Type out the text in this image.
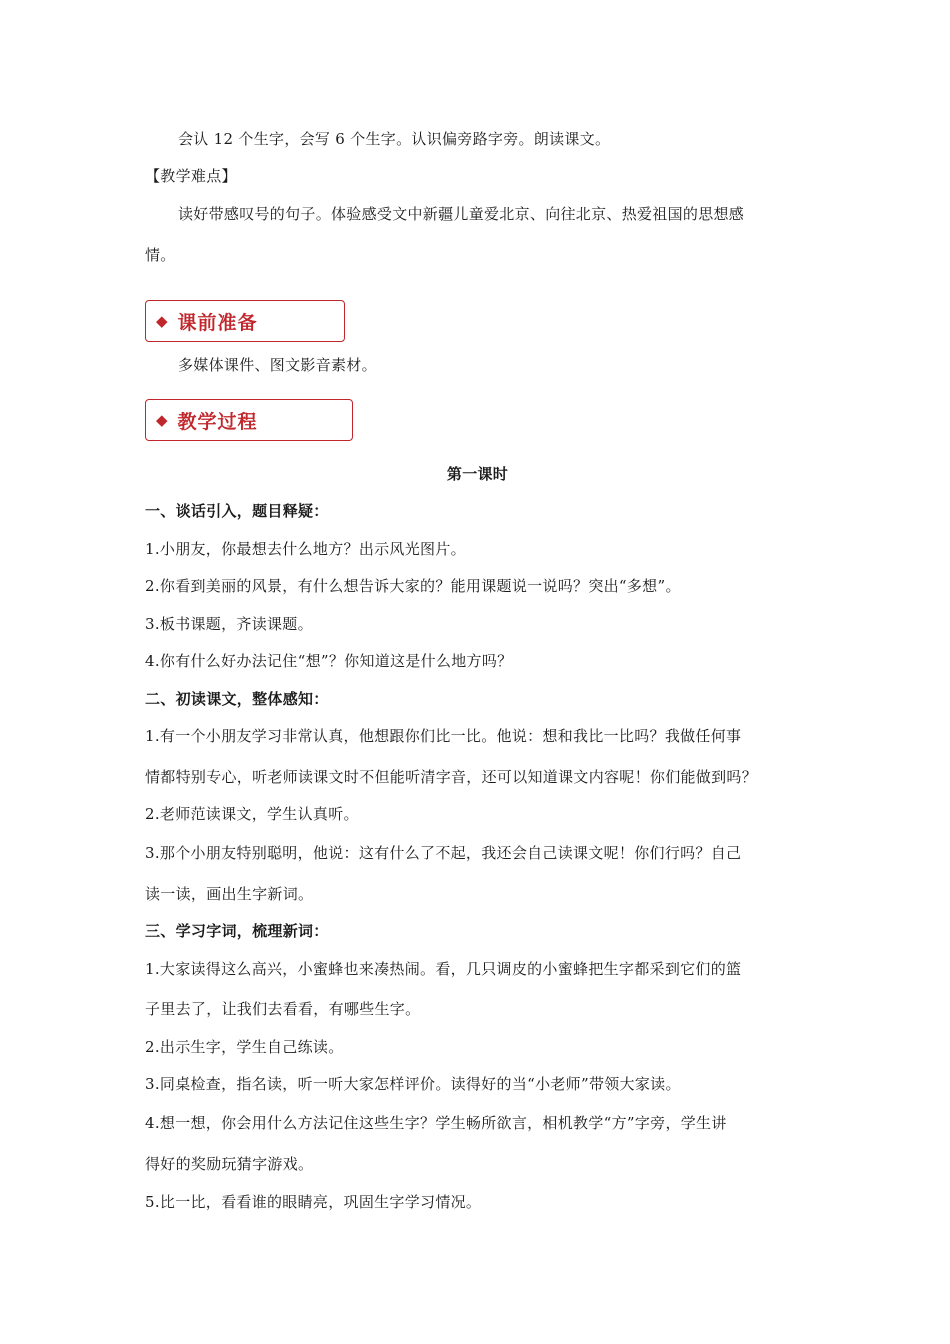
会认 12 个生字，会写 6 个生字。认识偏旁路字旁。朗读课文。
【教学难点】
读好带感叹号的句子。体验感受文中新疆儿童爱北京、向往北京、热爱祖国的思想感
情。
◆ 课前准备
多媒体课件、图文影音素材。
◆ 教学过程
第一课时
一、谈话引入，题目释疑：
1.小朋友，你最想去什么地方？出示风光图片。
2.你看到美丽的风景，有什么想告诉大家的？能用课题说一说吗？突出“多想”。
3.板书课题，齐读课题。
4.你有什么好办法记住“想”？你知道这是什么地方吗？
二、初读课文，整体感知：
1.有一个小朋友学习非常认真，他想跟你们比一比。他说：想和我比一比吗？我做任何事
情都特别专心，听老师读课文时不但能听清字音，还可以知道课文内容呢！你们能做到吗？
2.老师范读课文，学生认真听。
3.那个小朋友特别聪明，他说：这有什么了不起，我还会自己读课文呢！你们行吗？自己
读一读，画出生字新词。
三、学习字词，梳理新词：
1.大家读得这么高兴，小蜜蜂也来凑热闹。看，几只调皮的小蜜蜂把生字都采到它们的篮
子里去了，让我们去看看，有哪些生字。
2.出示生字，学生自己练读。
3.同桌检查，指名读，听一听大家怎样评价。读得好的当“小老师”带领大家读。
4.想一想，你会用什么方法记住这些生字？学生畅所欲言，相机教学“方”字旁，学生讲
得好的奖励玩猜字游戏。
5.比一比，看看谁的眼睛亮，巩固生字学习情况。
